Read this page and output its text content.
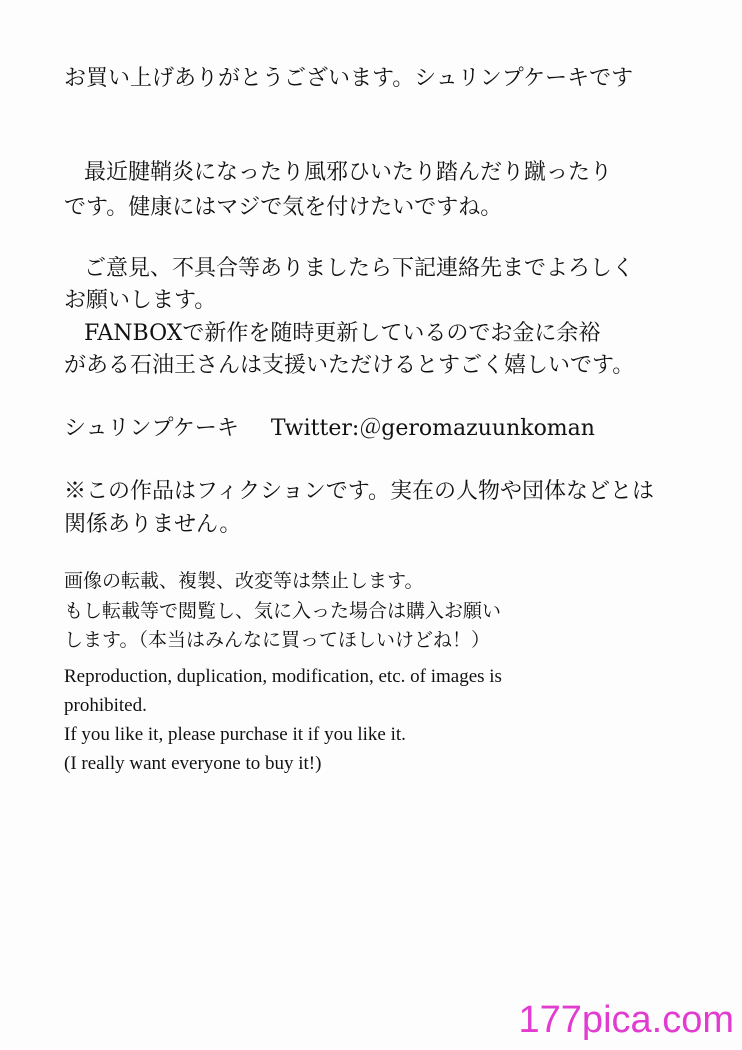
お買い上げありがとうございます。シュリンプケーキです
最近腱鞘炎になったり風邪ひいたり踏んだり蹴ったり
です。健康にはマジで気を付けたいですね。
ご意見、不具合等ありましたら下記連絡先までよろしく
お願いします。
FANBOXで新作を随時更新しているのでお金に余裕
がある石油王さんは支援いただけるとすごく嬉しいです。
シュリンプケーキ Twitter:＠geromazuunkoman
※この作品はフィクションです。実在の人物や団体などとは
関係ありません。
画像の転載、複製、改変等は禁止します。
もし転載等で閲覧し、気に入った場合は購入お願い
します。（本当はみんなに買ってほしいけどね！）
Reproduction, duplication, modification, etc. of images is
prohibited.
If you like it, please purchase it if you like it.
(I really want everyone to buy it!)
177pica.com
